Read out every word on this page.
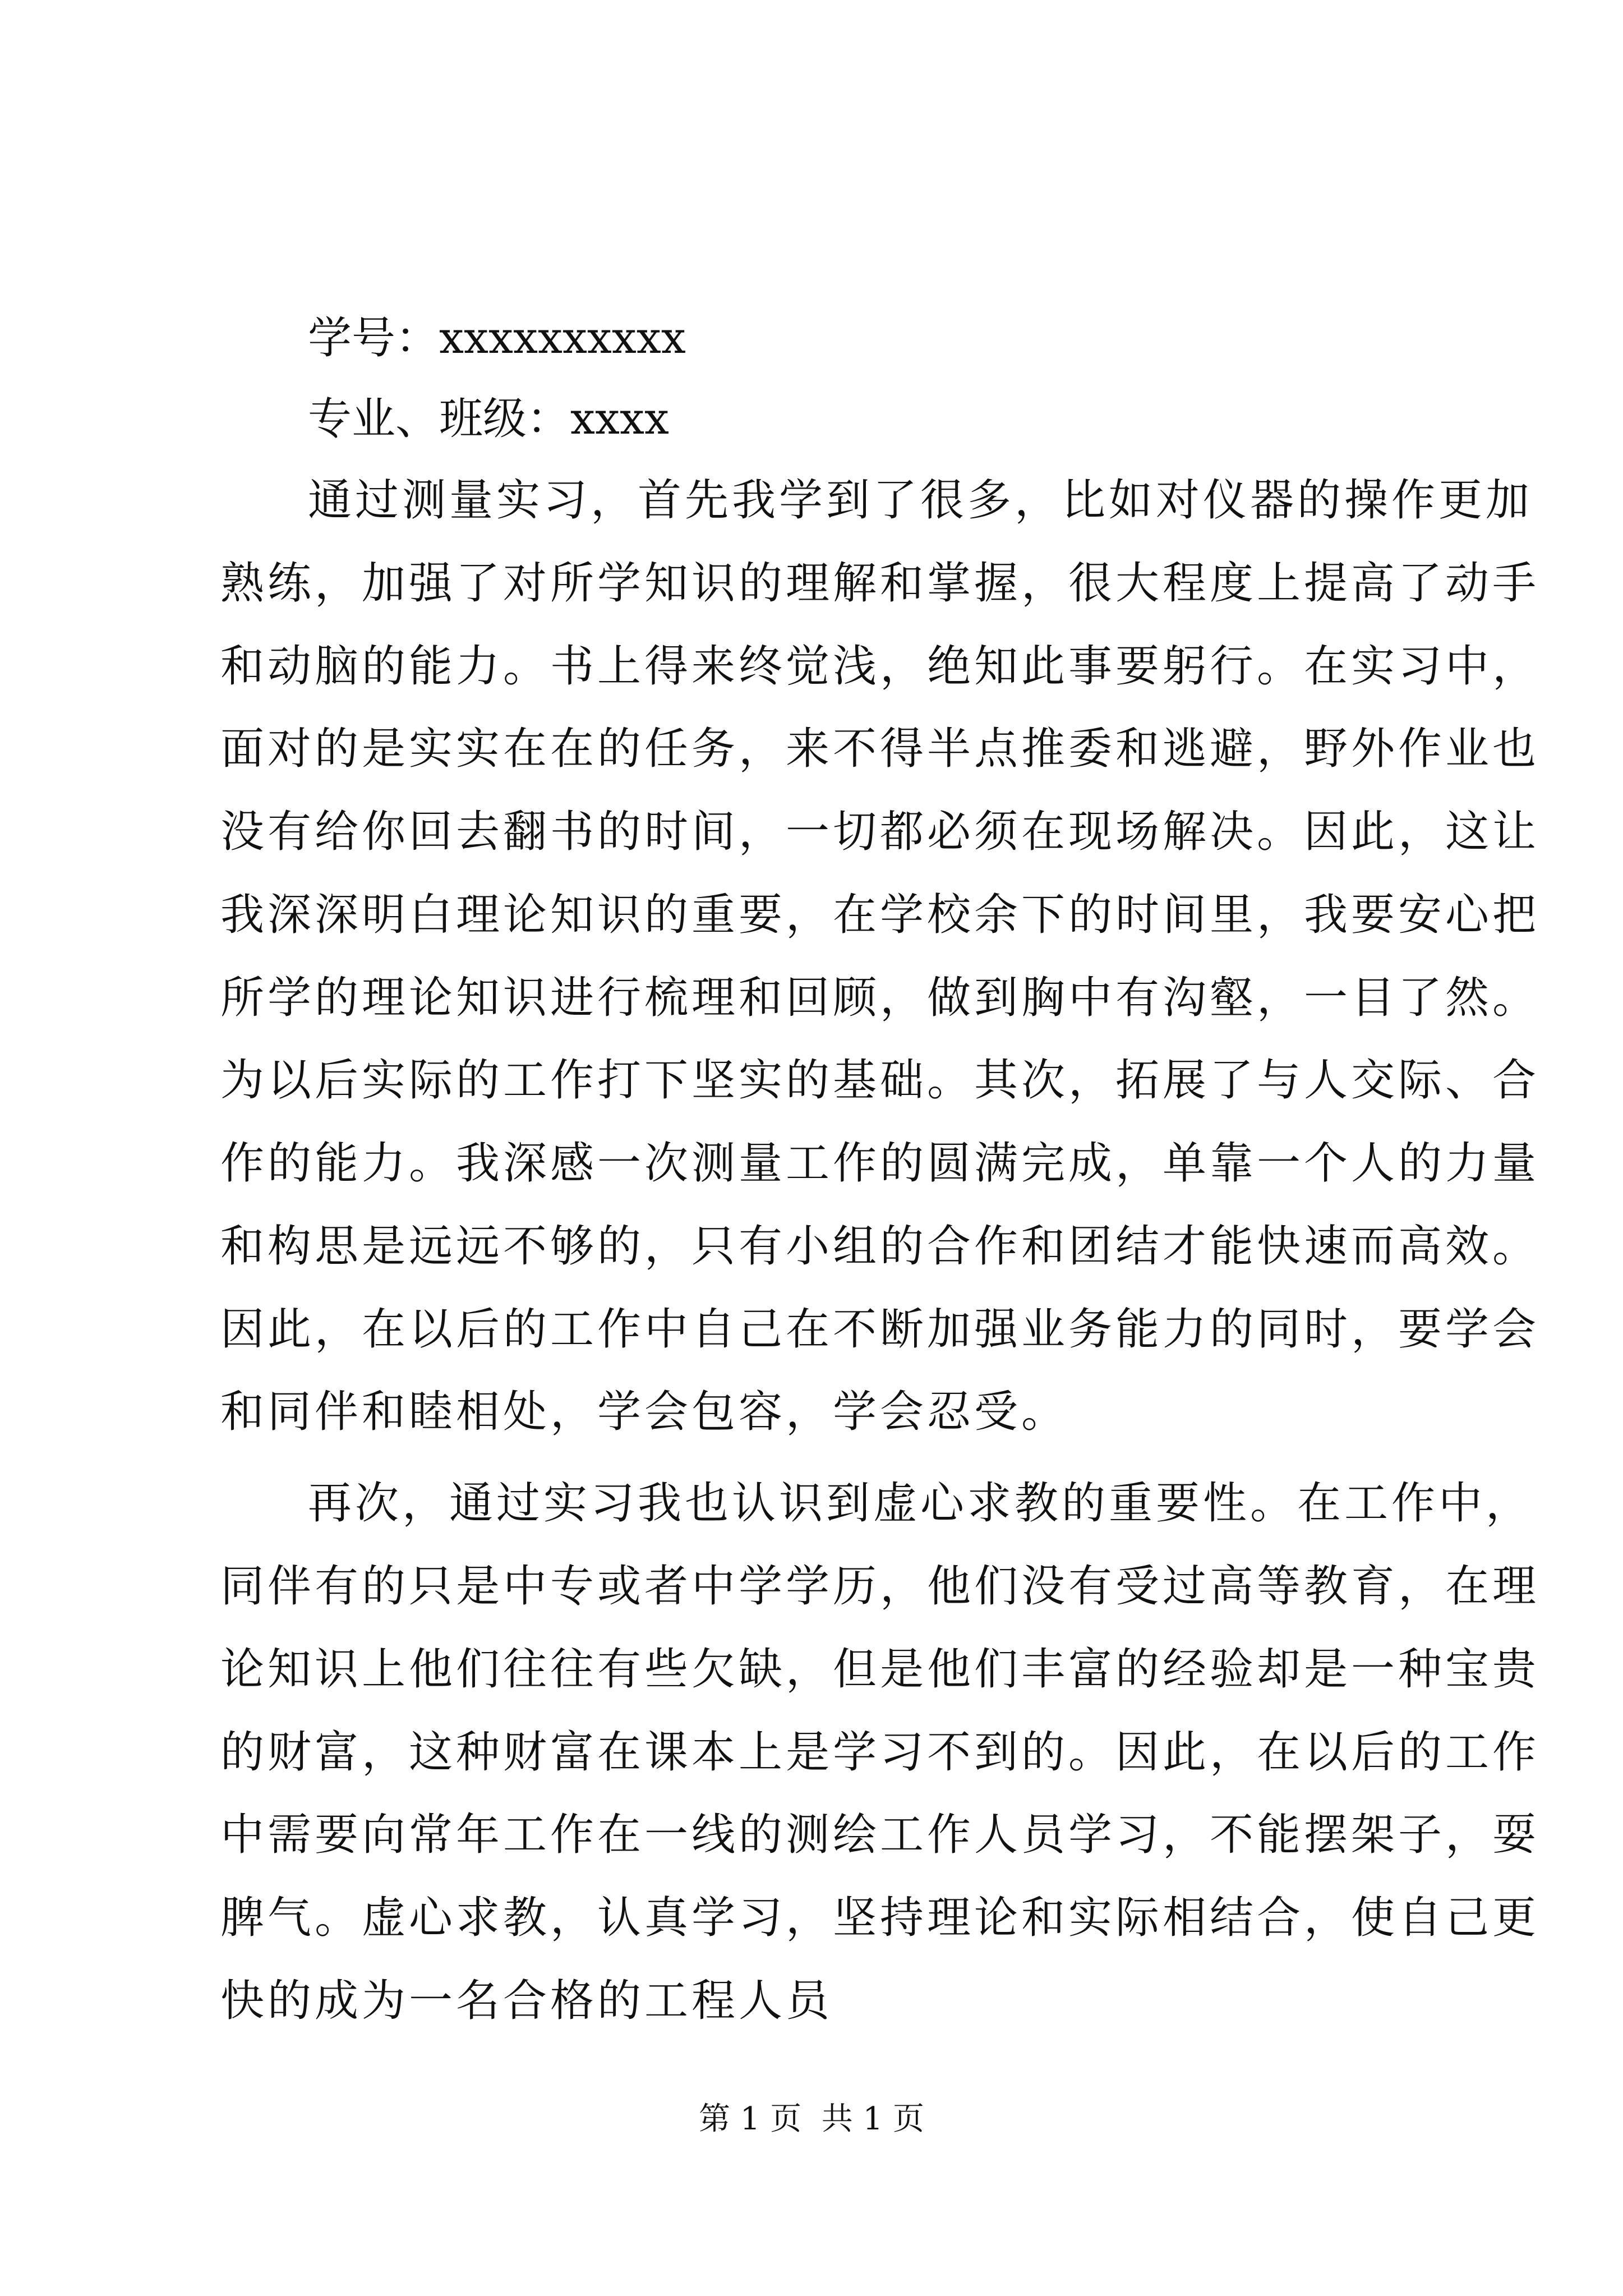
学号：xxxxxxxxxx
专业、班级：xxxx
通过测量实习，首先我学到了很多，比如对仪器的操作更加
熟练，加强了对所学知识的理解和掌握，很大程度上提高了动手
和动脑的能力。书上得来终觉浅，绝知此事要躬行。在实习中，
面对的是实实在在的任务，来不得半点推委和逃避，野外作业也
没有给你回去翻书的时间，一切都必须在现场解决。因此，这让
我深深明白理论知识的重要，在学校余下的时间里，我要安心把
所学的理论知识进行梳理和回顾，做到胸中有沟壑，一目了然。
为以后实际的工作打下坚实的基础。其次，拓展了与人交际、合
作的能力。我深感一次测量工作的圆满完成，单靠一个人的力量
和构思是远远不够的，只有小组的合作和团结才能快速而高效。
因此，在以后的工作中自己在不断加强业务能力的同时，要学会
和同伴和睦相处，学会包容，学会忍受。
再次，通过实习我也认识到虚心求教的重要性。在工作中，
同伴有的只是中专或者中学学历，他们没有受过高等教育，在理
论知识上他们往往有些欠缺，但是他们丰富的经验却是一种宝贵
的财富，这种财富在课本上是学习不到的。因此，在以后的工作
中需要向常年工作在一线的测绘工作人员学习，不能摆架子，耍
脾气。虚心求教，认真学习，坚持理论和实际相结合，使自己更
快的成为一名合格的工程人员
第 1 页  共 1 页
